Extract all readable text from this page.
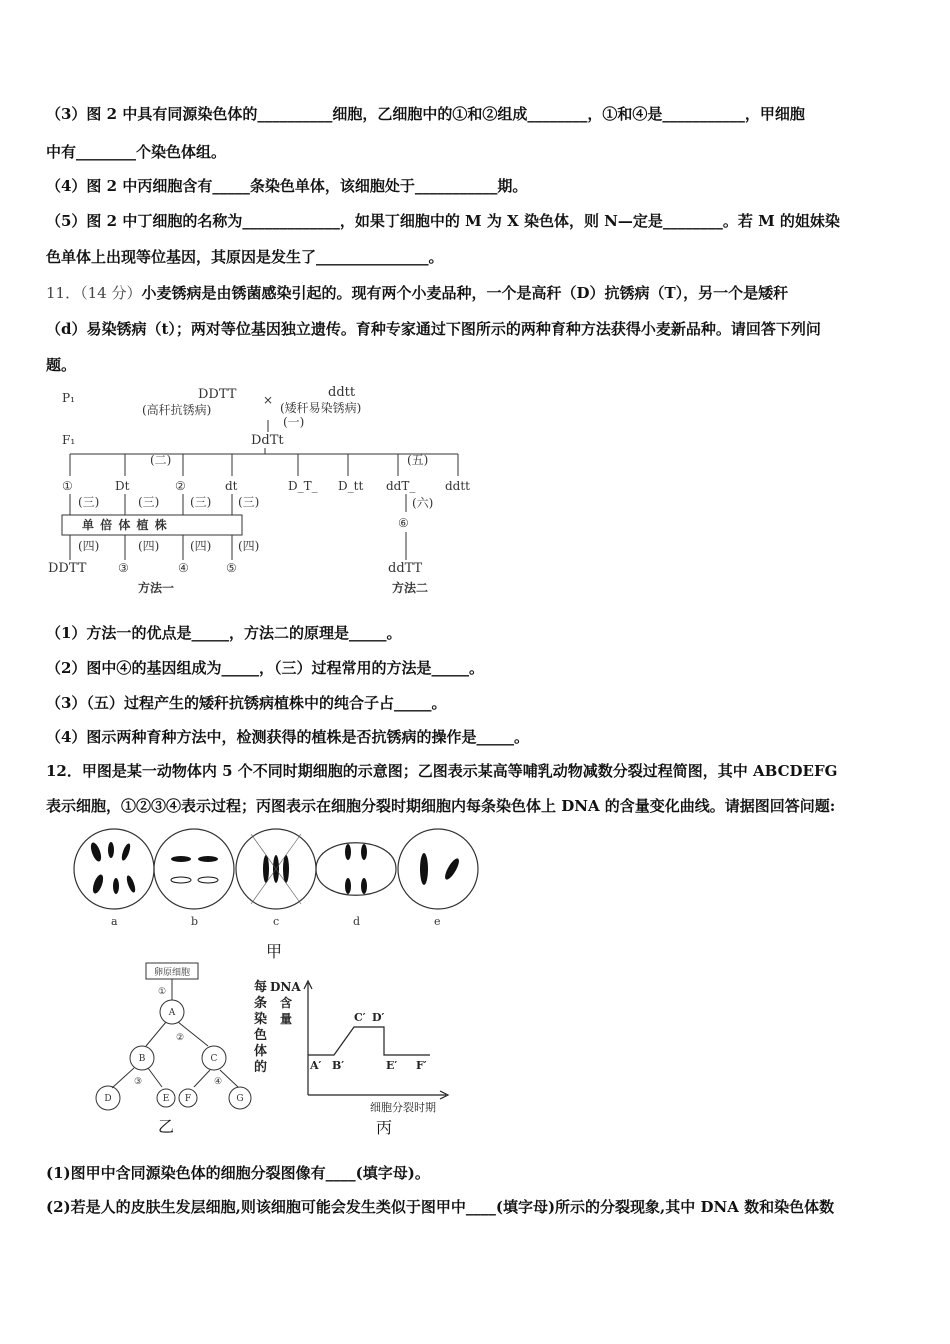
（3）图 2 中具有同源染色体的__________细胞，乙细胞中的①和②组成________，①和④是___________，甲细胞
中有________个染色体组。
（4）图 2 中丙细胞含有_____条染色单体，该细胞处于___________期。
（5）图 2 中丁细胞的名称为_____________，如果丁细胞中的 M 为 X 染色体，则 N—定是________。若 M 的姐妹染
色单体上出现等位基因，其原因是发生了_______________。
11．（14 分）小麦锈病是由锈菌感染引起的。现有两个小麦品种，一个是高秆（D）抗锈病（T），另一个是矮秆
（d）易染锈病（t）；两对等位基因独立遗传。育种专家通过下图所示的两种育种方法获得小麦新品种。请回答下列问
题。
P₁
F₁
DDTT
(高秆抗锈病)
×	ddtt
(矮秆易染锈病)
(一)
DdTt
(二)	(五)
①	Dt	②	dt
(三)	(三)	(三) (三)
D_T_ D_tt ddT_ ddtt
(六)
单 倍 体 植 株
(四)	(四)	(四) (四)
DDTT	③	④	⑤
⑥
ddTT
方法一	方法二
（1）方法一的优点是_____，方法二的原理是_____。
（2）图中④的基因组成为_____，（三）过程常用的方法是_____。
（3）（五）过程产生的矮秆抗锈病植株中的纯合子占_____。
（4）图示两种育种方法中，检测获得的植株是否抗锈病的操作是_____。
12．甲图是某一动物体内 5 个不同时期细胞的示意图；乙图表示某高等哺乳动物减数分裂过程简图，其中 ABCDEFG
表示细胞，①②③④表示过程；丙图表示在细胞分裂时期细胞内每条染色体上 DNA 的含量变化曲线。请据图回答问题:
a	b	c	d	e
甲
卵原细胞
A
B	C
D	E F	G
①
②
③	④
乙
每
条
染
色
体
的
DNA
含
量
A′ B′
C′ D′
E′ F′
细胞分裂时期
丙
(1)图甲中含同源染色体的细胞分裂图像有____(填字母)。
(2)若是人的皮肤生发层细胞,则该细胞可能会发生类似于图甲中____(填字母)所示的分裂现象,其中 DNA 数和染色体数
